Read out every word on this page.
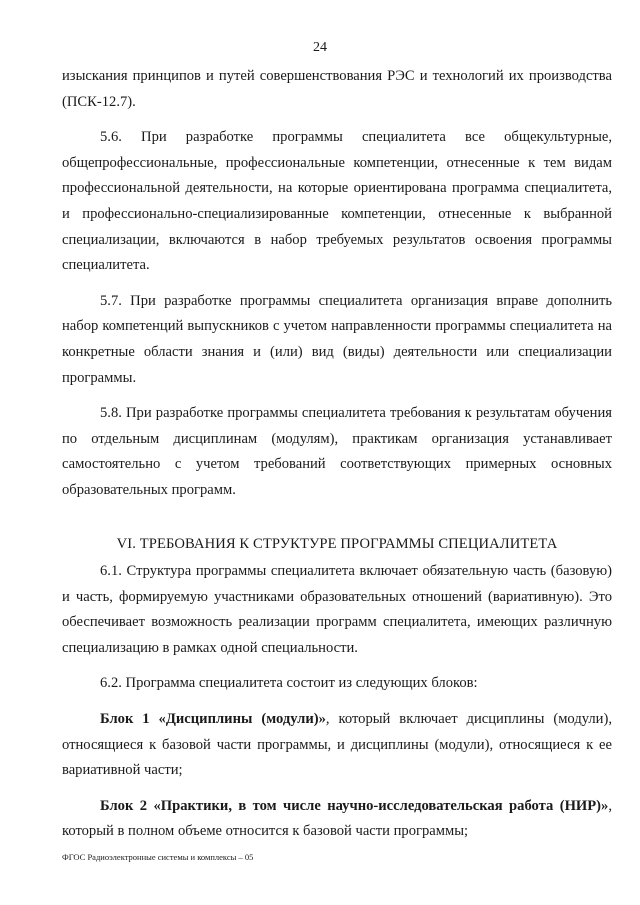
24

изыскания принципов и путей совершенствования РЭС и технологий их производства (ПСК-12.7).

5.6. При разработке программы специалитета все общекультурные, общепрофессиональные, профессиональные компетенции, отнесенные к тем видам профессиональной деятельности, на которые ориентирована программа специалитета, и профессионально-специализированные компетенции, отнесенные к выбранной специализации, включаются в набор требуемых результатов освоения программы специалитета.

5.7. При разработке программы специалитета организация вправе дополнить набор компетенций выпускников с учетом направленности программы специалитета на конкретные области знания и (или) вид (виды) деятельности или специализации программы.

5.8. При разработке программы специалитета требования к результатам обучения по отдельным дисциплинам (модулям), практикам организация устанавливает самостоятельно с учетом требований соответствующих примерных основных образовательных программ.

VI. ТРЕБОВАНИЯ К СТРУКТУРЕ ПРОГРАММЫ СПЕЦИАЛИТЕТА

6.1. Структура программы специалитета включает обязательную часть (базовую) и часть, формируемую участниками образовательных отношений (вариативную). Это обеспечивает возможность реализации программ специалитета, имеющих различную специализацию в рамках одной специальности.

6.2. Программа специалитета состоит из следующих блоков:

Блок 1 «Дисциплины (модули)», который включает дисциплины (модули), относящиеся к базовой части программы, и дисциплины (модули), относящиеся к ее вариативной части;

Блок 2 «Практики, в том числе научно-исследовательская работа (НИР)», который в полном объеме относится к базовой части программы;

ФГОС Радиоэлектронные системы и комплексы – 05
